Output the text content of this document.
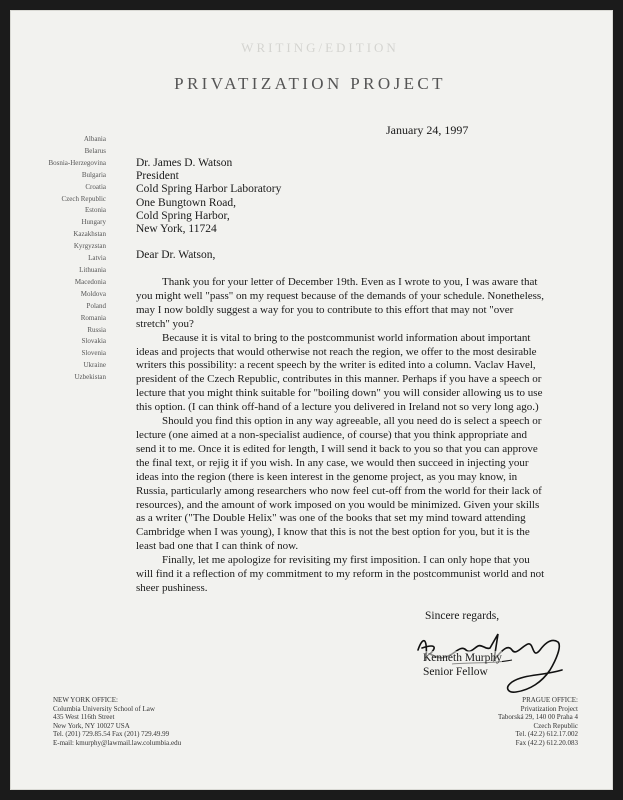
WRITING/EDITION
PRIVATIZATION PROJECT
January 24, 1997
Albania
Belarus
Bosnia-Herzegovina
Bulgaria
Croatia
Czech Republic
Estonia
Hungary
Kazakhstan
Kyrgyzstan
Latvia
Lithuania
Macedonia
Moldova
Poland
Romania
Russia
Slovakia
Slovenia
Ukraine
Uzbekistan
Dr. James D. Watson
President
Cold Spring Harbor Laboratory
One Bungtown Road,
Cold Spring Harbor,
New York, 11724
Dear Dr. Watson,

Thank you for your letter of December 19th. Even as I wrote to you, I was aware that you might well "pass" on my request because of the demands of your schedule. Nonetheless, may I now boldly suggest a way for you to contribute to this effort that may not "over stretch" you?

Because it is vital to bring to the postcommunist world information about important ideas and projects that would otherwise not reach the region, we offer to the most desirable writers this possibility: a recent speech by the writer is edited into a column. Vaclav Havel, president of the Czech Republic, contributes in this manner. Perhaps if you have a speech or lecture that you might think suitable for "boiling down" you will consider allowing us to use this option. (I can think off-hand of a lecture you delivered in Ireland not so very long ago.)

Should you find this option in any way agreeable, all you need do is select a speech or lecture (one aimed at a non-specialist audience, of course) that you think appropriate and send it to me. Once it is edited for length, I will send it back to you so that you can approve the final text, or rejig it if you wish. In any case, we would then succeed in injecting your ideas into the region (there is keen interest in the genome project, as you may know, in Russia, particularly among researchers who now feel cut-off from the world for their lack of resources), and the amount of work imposed on you would be minimized. Given your skills as a writer ("The Double Helix" was one of the books that set my mind toward attending Cambridge when I was young), I know that this is not the best option for you, but it is the least bad one that I can think of now.

Finally, let me apologize for revisiting my first imposition. I can only hope that you will find it a reflection of my commitment to my reform in the postcommunist world and not sheer pushiness.

Sincere regards,
Kenneth Murphy
Senior Fellow
NEW YORK OFFICE:
Columbia University School of Law
435 West 116th Street
New York, NY 10027 USA
Tel. (201) 729.85.54 Fax (201) 729.49.99
E-mail: kmurphy@lawmail.law.columbia.edu
PRAGUE OFFICE:
Privatization Project
Taborská 29, 140 00 Praha 4
Czech Republic
Tel. (42.2) 612.17.002
Fax (42.2) 612.20.083
